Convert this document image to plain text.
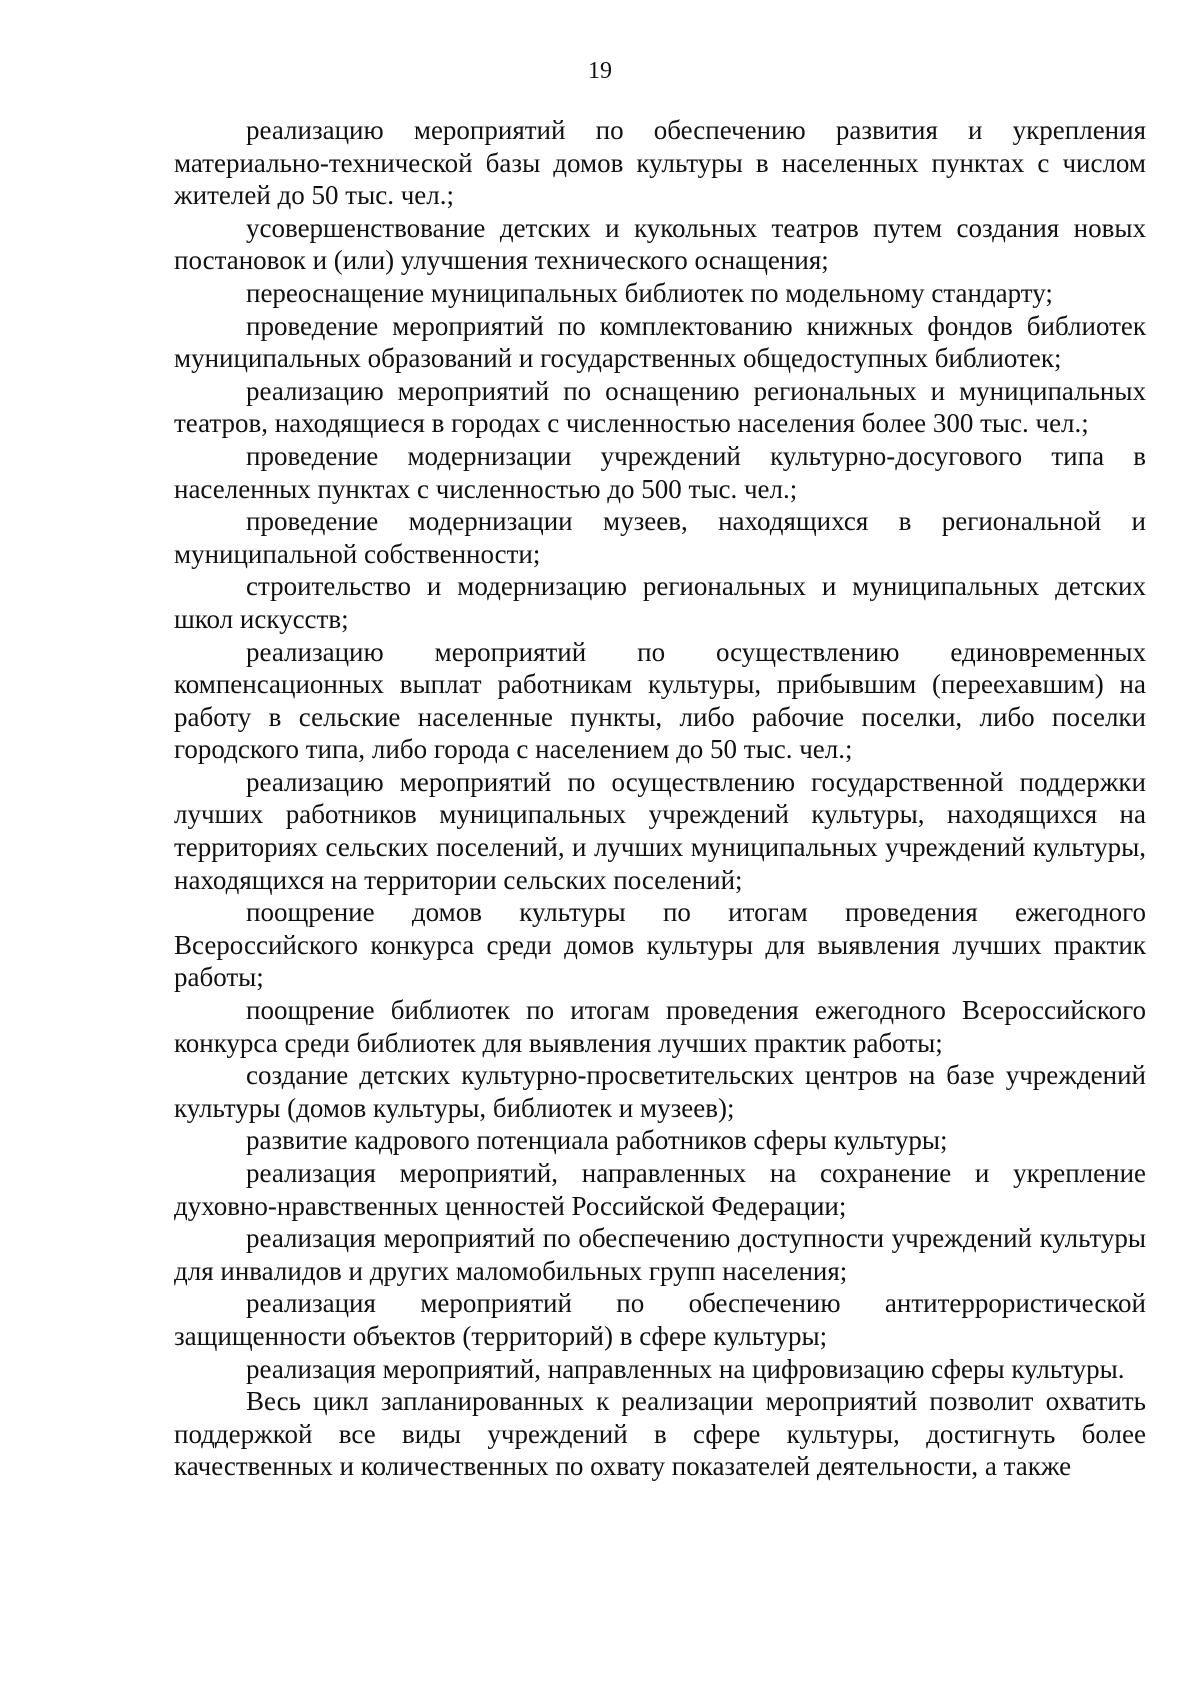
19

реализацию мероприятий по обеспечению развития и укрепления материально-технической базы домов культуры в населенных пунктах с числом жителей до 50 тыс. чел.;

усовершенствование детских и кукольных театров путем создания новых постановок и (или) улучшения технического оснащения;

переоснащение муниципальных библиотек по модельному стандарту;

проведение мероприятий по комплектованию книжных фондов библиотек муниципальных образований и государственных общедоступных библиотек;

реализацию мероприятий по оснащению региональных и муниципальных театров, находящиеся в городах с численностью населения более 300 тыс. чел.;

проведение модернизации учреждений культурно-досугового типа в населенных пунктах с численностью до 500 тыс. чел.;

проведение модернизации музеев, находящихся в региональной и муниципальной собственности;

строительство и модернизацию региональных и муниципальных детских школ искусств;

реализацию мероприятий по осуществлению единовременных компенсационных выплат работникам культуры, прибывшим (переехавшим) на работу в сельские населенные пункты, либо рабочие поселки, либо поселки городского типа, либо города с населением до 50 тыс. чел.;

реализацию мероприятий по осуществлению государственной поддержки лучших работников муниципальных учреждений культуры, находящихся на территориях сельских поселений, и лучших муниципальных учреждений культуры, находящихся на территории сельских поселений;

поощрение домов культуры по итогам проведения ежегодного Всероссийского конкурса среди домов культуры для выявления лучших практик работы;

поощрение библиотек по итогам проведения ежегодного Всероссийского конкурса среди библиотек для выявления лучших практик работы;

создание детских культурно-просветительских центров на базе учреждений культуры (домов культуры, библиотек и музеев);

развитие кадрового потенциала работников сферы культуры;

реализация мероприятий, направленных на сохранение и укрепление духовно-нравственных ценностей Российской Федерации;

реализация мероприятий по обеспечению доступности учреждений культуры для инвалидов и других маломобильных групп населения;

реализация мероприятий по обеспечению антитеррористической защищенности объектов (территорий) в сфере культуры;

реализация мероприятий, направленных на цифровизацию сферы культуры.

Весь цикл запланированных к реализации мероприятий позволит охватить поддержкой все виды учреждений в сфере культуры, достигнуть более качественных и количественных по охвату показателей деятельности, а также
